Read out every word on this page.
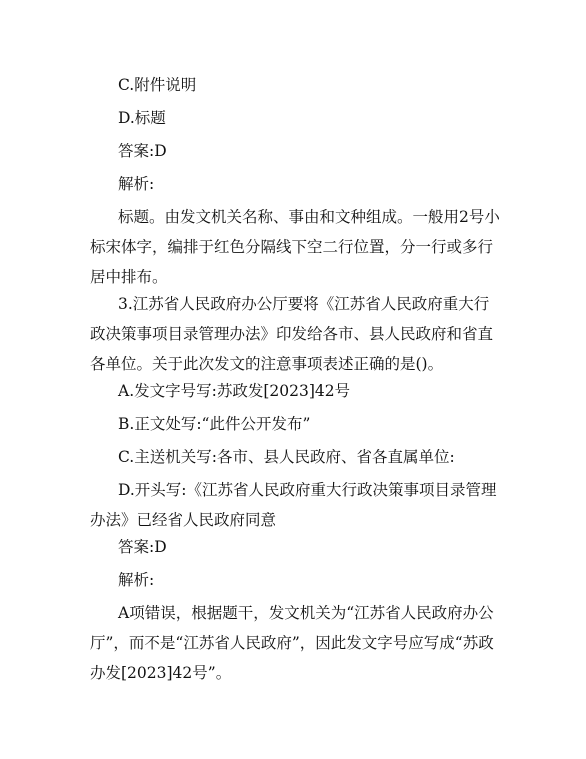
C.附件说明
D.标题
答案:D
解析:
标题。由发文机关名称、事由和文种组成。一般用2号小标宋体字，编排于红色分隔线下空二行位置，分一行或多行居中排布。
3.江苏省人民政府办公厅要将《江苏省人民政府重大行政决策事项目录管理办法》印发给各市、县人民政府和省直各单位。关于此次发文的注意事项表述正确的是()。
A.发文字号写:苏政发[2023]42号
B.正文处写:“此件公开发布”
C.主送机关写:各市、县人民政府、省各直属单位:
D.开头写:《江苏省人民政府重大行政决策事项目录管理办法》已经省人民政府同意
答案:D
解析:
A项错误，根据题干，发文机关为“江苏省人民政府办公厅”，而不是“江苏省人民政府”，因此发文字号应写成“苏政办发[2023]42号”。
